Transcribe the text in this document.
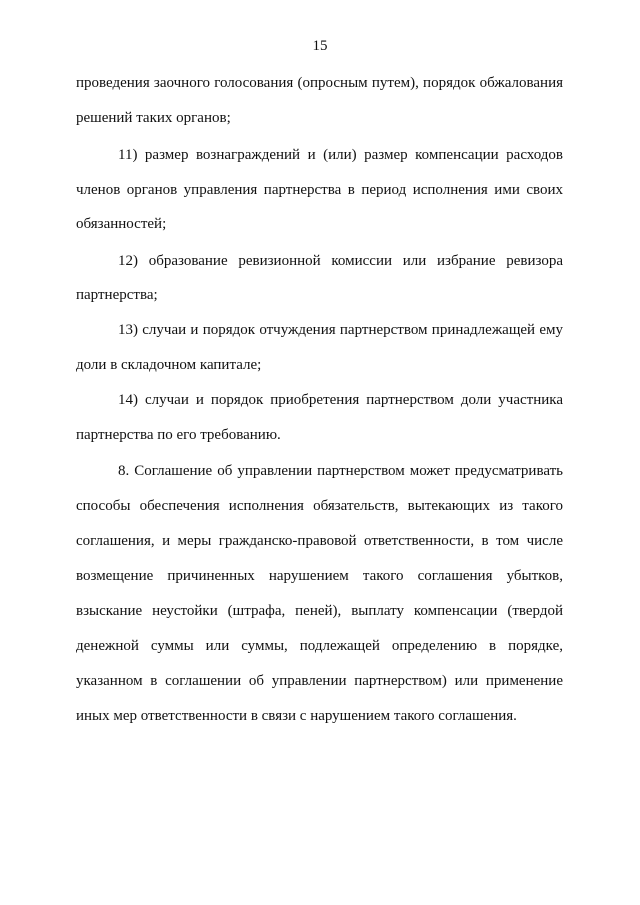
15
проведения заочного голосования (опросным путем), порядок обжалования
решений таких органов;
11) размер вознаграждений и (или) размер компенсации расходов
членов органов управления партнерства в период исполнения ими своих
обязанностей;
12) образование ревизионной комиссии или избрание ревизора
партнерства;
13) случаи и порядок отчуждения партнерством принадлежащей ему
доли в складочном капитале;
14) случаи и порядок приобретения партнерством доли участника
партнерства по его требованию.
8. Соглашение об управлении партнерством может предусматривать
способы обеспечения исполнения обязательств, вытекающих из такого
соглашения, и меры гражданско-правовой ответственности, в том числе
возмещение причиненных нарушением такого соглашения убытков,
взыскание неустойки (штрафа, пеней), выплату компенсации (твердой
денежной суммы или суммы, подлежащей определению в порядке,
указанном в соглашении об управлении партнерством) или применение
иных мер ответственности в связи с нарушением такого соглашения.
